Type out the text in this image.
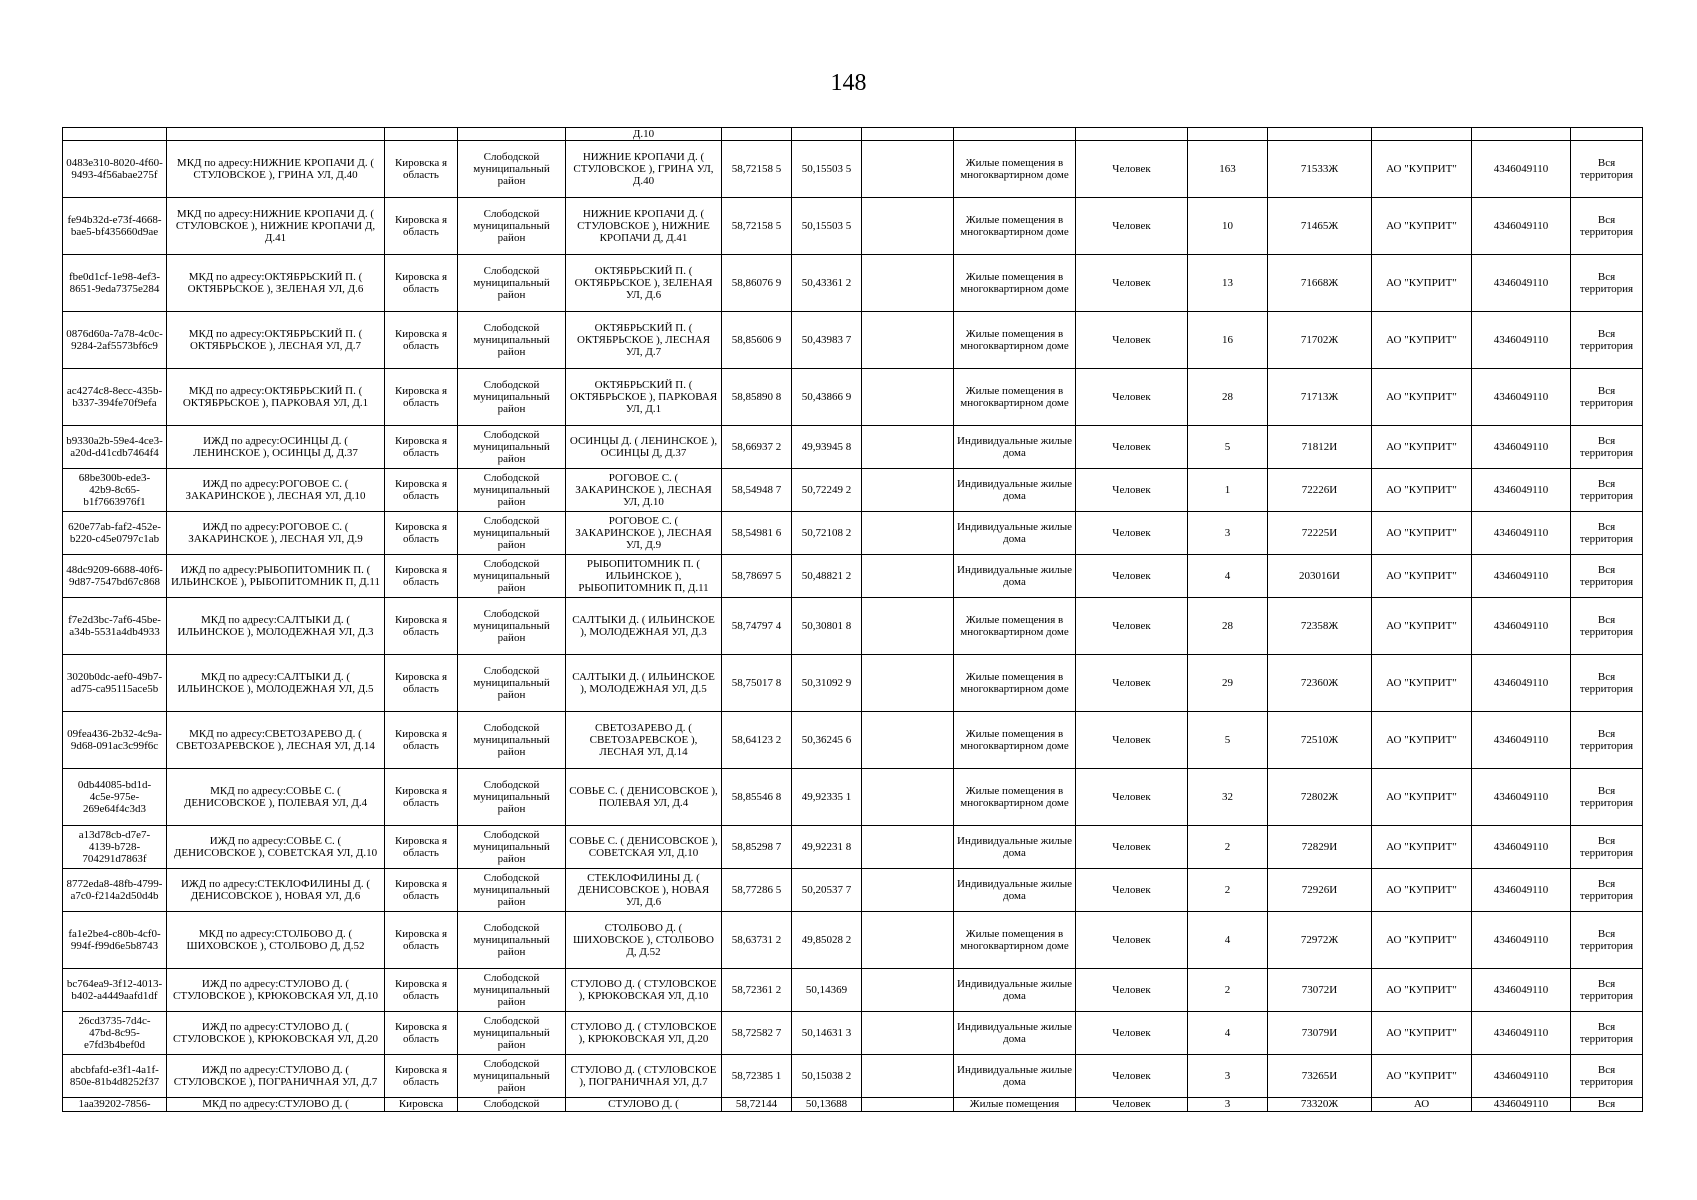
148
				Д.10										
0483e310-8020-4f60-9493-4f56abae275f	МКД по адресу:НИЖНИЕ КРОПАЧИ Д. ( СТУЛОВСКОЕ ), ГРИНА УЛ, Д.40	Кировска я область	Слободской муниципальный район	НИЖНИЕ КРОПАЧИ Д. ( СТУЛОВСКОЕ ), ГРИНА УЛ, Д.40	58,72158 5	50,15503 5		Жилые помещения в многоквартирном доме	Человек	163	71533Ж	АО "КУПРИТ"	4346049110	Вся территория
fe94b32d-e73f-4668-bae5-bf435660d9ae	МКД по адресу:НИЖНИЕ КРОПАЧИ Д. ( СТУЛОВСКОЕ ), НИЖНИЕ КРОПАЧИ Д, Д.41	Кировска я область	Слободской муниципальный район	НИЖНИЕ КРОПАЧИ Д. ( СТУЛОВСКОЕ ), НИЖНИЕ КРОПАЧИ Д, Д.41	58,72158 5	50,15503 5		Жилые помещения в многоквартирном доме	Человек	10	71465Ж	АО "КУПРИТ"	4346049110	Вся территория
fbe0d1cf-1e98-4ef3-8651-9eda7375e284	МКД по адресу:ОКТЯБРЬСКИЙ П. ( ОКТЯБРЬСКОЕ ), ЗЕЛЕНАЯ УЛ, Д.6	Кировска я область	Слободской муниципальный район	ОКТЯБРЬСКИЙ П. ( ОКТЯБРЬСКОЕ ), ЗЕЛЕНАЯ УЛ, Д.6	58,86076 9	50,43361 2		Жилые помещения в многоквартирном доме	Человек	13	71668Ж	АО "КУПРИТ"	4346049110	Вся территория
0876d60a-7a78-4c0c-9284-2af5573bf6c9	МКД по адресу:ОКТЯБРЬСКИЙ П. ( ОКТЯБРЬСКОЕ ), ЛЕСНАЯ УЛ, Д.7	Кировска я область	Слободской муниципальный район	ОКТЯБРЬСКИЙ П. ( ОКТЯБРЬСКОЕ ), ЛЕСНАЯ УЛ, Д.7	58,85606 9	50,43983 7		Жилые помещения в многоквартирном доме	Человек	16	71702Ж	АО "КУПРИТ"	4346049110	Вся территория
ac4274c8-8ecc-435b-b337-394fe70f9efa	МКД по адресу:ОКТЯБРЬСКИЙ П. ( ОКТЯБРЬСКОЕ ), ПАРКОВАЯ УЛ, Д.1	Кировска я область	Слободской муниципальный район	ОКТЯБРЬСКИЙ П. ( ОКТЯБРЬСКОЕ ), ПАРКОВАЯ УЛ, Д.1	58,85890 8	50,43866 9		Жилые помещения в многоквартирном доме	Человек	28	71713Ж	АО "КУПРИТ"	4346049110	Вся территория
b9330a2b-59e4-4ce3-a20d-d41cdb7464f4	ИЖД по адресу:ОСИНЦЫ Д. ( ЛЕНИНСКОЕ ), ОСИНЦЫ Д, Д.37	Кировска я область	Слободской муниципальный район	ОСИНЦЫ Д. ( ЛЕНИНСКОЕ ), ОСИНЦЫ Д, Д.37	58,66937 2	49,93945 8		Индивидуальные жилые дома	Человек	5	71812И	АО "КУПРИТ"	4346049110	Вся территория
68be300b-ede3-42b9-8c65-b1f7663976f1	ИЖД по адресу:РОГОВОЕ С. ( ЗАКАРИНСКОЕ ), ЛЕСНАЯ УЛ, Д.10	Кировска я область	Слободской муниципальный район	РОГОВОЕ С. ( ЗАКАРИНСКОЕ ), ЛЕСНАЯ УЛ, Д.10	58,54948 7	50,72249 2		Индивидуальные жилые дома	Человек	1	72226И	АО "КУПРИТ"	4346049110	Вся территория
620e77ab-faf2-452e-b220-c45e0797c1ab	ИЖД по адресу:РОГОВОЕ С. ( ЗАКАРИНСКОЕ ), ЛЕСНАЯ УЛ, Д.9	Кировска я область	Слободской муниципальный район	РОГОВОЕ С. ( ЗАКАРИНСКОЕ ), ЛЕСНАЯ УЛ, Д.9	58,54981 6	50,72108 2		Индивидуальные жилые дома	Человек	3	72225И	АО "КУПРИТ"	4346049110	Вся территория
48dc9209-6688-40f6-9d87-7547bd67c868	ИЖД по адресу:РЫБОПИТОМНИК П. ( ИЛЬИНСКОЕ ), РЫБОПИТОМНИК П, Д.11	Кировска я область	Слободской муниципальный район	РЫБОПИТОМНИК П. ( ИЛЬИНСКОЕ ), РЫБОПИТОМНИК П, Д.11	58,78697 5	50,48821 2		Индивидуальные жилые дома	Человек	4	203016И	АО "КУПРИТ"	4346049110	Вся территория
f7e2d3bc-7af6-45be-a34b-5531a4db4933	МКД по адресу:САЛТЫКИ Д. ( ИЛЬИНСКОЕ ), МОЛОДЕЖНАЯ УЛ, Д.3	Кировска я область	Слободской муниципальный район	САЛТЫКИ Д. ( ИЛЬИНСКОЕ ), МОЛОДЕЖНАЯ УЛ, Д.3	58,74797 4	50,30801 8		Жилые помещения в многоквартирном доме	Человек	28	72358Ж	АО "КУПРИТ"	4346049110	Вся территория
3020b0dc-aef0-49b7-ad75-ca95115ace5b	МКД по адресу:САЛТЫКИ Д. ( ИЛЬИНСКОЕ ), МОЛОДЕЖНАЯ УЛ, Д.5	Кировска я область	Слободской муниципальный район	САЛТЫКИ Д. ( ИЛЬИНСКОЕ ), МОЛОДЕЖНАЯ УЛ, Д.5	58,75017 8	50,31092 9		Жилые помещения в многоквартирном доме	Человек	29	72360Ж	АО "КУПРИТ"	4346049110	Вся территория
09fea436-2b32-4c9a-9d68-091ac3c99f6c	МКД по адресу:СВЕТОЗАРЕВО Д. ( СВЕТОЗАРЕВСКОЕ ), ЛЕСНАЯ УЛ, Д.14	Кировска я область	Слободской муниципальный район	СВЕТОЗАРЕВО Д. ( СВЕТОЗАРЕВСКОЕ ), ЛЕСНАЯ УЛ, Д.14	58,64123 2	50,36245 6		Жилые помещения в многоквартирном доме	Человек	5	72510Ж	АО "КУПРИТ"	4346049110	Вся территория
0db44085-bd1d-4c5e-975e-269e64f4c3d3	МКД по адресу:СОВЬЕ С. ( ДЕНИСОВСКОЕ ), ПОЛЕВАЯ УЛ, Д.4	Кировска я область	Слободской муниципальный район	СОВЬЕ С. ( ДЕНИСОВСКОЕ ), ПОЛЕВАЯ УЛ, Д.4	58,85546 8	49,92335 1		Жилые помещения в многоквартирном доме	Человек	32	72802Ж	АО "КУПРИТ"	4346049110	Вся территория
a13d78cb-d7e7-4139-b728-704291d7863f	ИЖД по адресу:СОВЬЕ С. ( ДЕНИСОВСКОЕ ), СОВЕТСКАЯ УЛ, Д.10	Кировска я область	Слободской муниципальный район	СОВЬЕ С. ( ДЕНИСОВСКОЕ ), СОВЕТСКАЯ УЛ, Д.10	58,85298 7	49,92231 8		Индивидуальные жилые дома	Человек	2	72829И	АО "КУПРИТ"	4346049110	Вся территория
8772eda8-48fb-4799-a7c0-f214a2d50d4b	ИЖД по адресу:СТЕКЛОФИЛИНЫ Д. ( ДЕНИСОВСКОЕ ), НОВАЯ УЛ, Д.6	Кировска я область	Слободской муниципальный район	СТЕКЛОФИЛИНЫ Д. ( ДЕНИСОВСКОЕ ), НОВАЯ УЛ, Д.6	58,77286 5	50,20537 7		Индивидуальные жилые дома	Человек	2	72926И	АО "КУПРИТ"	4346049110	Вся территория
fa1e2be4-c80b-4cf0-994f-f99d6e5b8743	МКД по адресу:СТОЛБОВО Д. ( ШИХОВСКОЕ ), СТОЛБОВО Д, Д.52	Кировска я область	Слободской муниципальный район	СТОЛБОВО Д. ( ШИХОВСКОЕ ), СТОЛБОВО Д, Д.52	58,63731 2	49,85028 2		Жилые помещения в многоквартирном доме	Человек	4	72972Ж	АО "КУПРИТ"	4346049110	Вся территория
bc764ea9-3f12-4013-b402-a4449aafd1df	ИЖД по адресу:СТУЛОВО Д. ( СТУЛОВСКОЕ ), КРЮКОВСКАЯ УЛ, Д.10	Кировска я область	Слободской муниципальный район	СТУЛОВО Д. ( СТУЛОВСКОЕ ), КРЮКОВСКАЯ УЛ, Д.10	58,72361 2	50,14369		Индивидуальные жилые дома	Человек	2	73072И	АО "КУПРИТ"	4346049110	Вся территория
26cd3735-7d4c-47bd-8c95-e7fd3b4bef0d	ИЖД по адресу:СТУЛОВО Д. ( СТУЛОВСКОЕ ), КРЮКОВСКАЯ УЛ, Д.20	Кировска я область	Слободской муниципальный район	СТУЛОВО Д. ( СТУЛОВСКОЕ ), КРЮКОВСКАЯ УЛ, Д.20	58,72582 7	50,14631 3		Индивидуальные жилые дома	Человек	4	73079И	АО "КУПРИТ"	4346049110	Вся территория
abcbfafd-e3f1-4a1f-850e-81b4d8252f37	ИЖД по адресу:СТУЛОВО Д. ( СТУЛОВСКОЕ ), ПОГРАНИЧНАЯ УЛ, Д.7	Кировска я область	Слободской муниципальный район	СТУЛОВО Д. ( СТУЛОВСКОЕ ), ПОГРАНИЧНАЯ УЛ, Д.7	58,72385 1	50,15038 2		Индивидуальные жилые дома	Человек	3	73265И	АО "КУПРИТ"	4346049110	Вся территория
1aa39202-7856-	МКД по адресу:СТУЛОВО Д. (	Кировска	Слободской	СТУЛОВО Д. (	58,72144	50,13688		Жилые помещения	Человек	3	73320Ж	АО	4346049110	Вся
